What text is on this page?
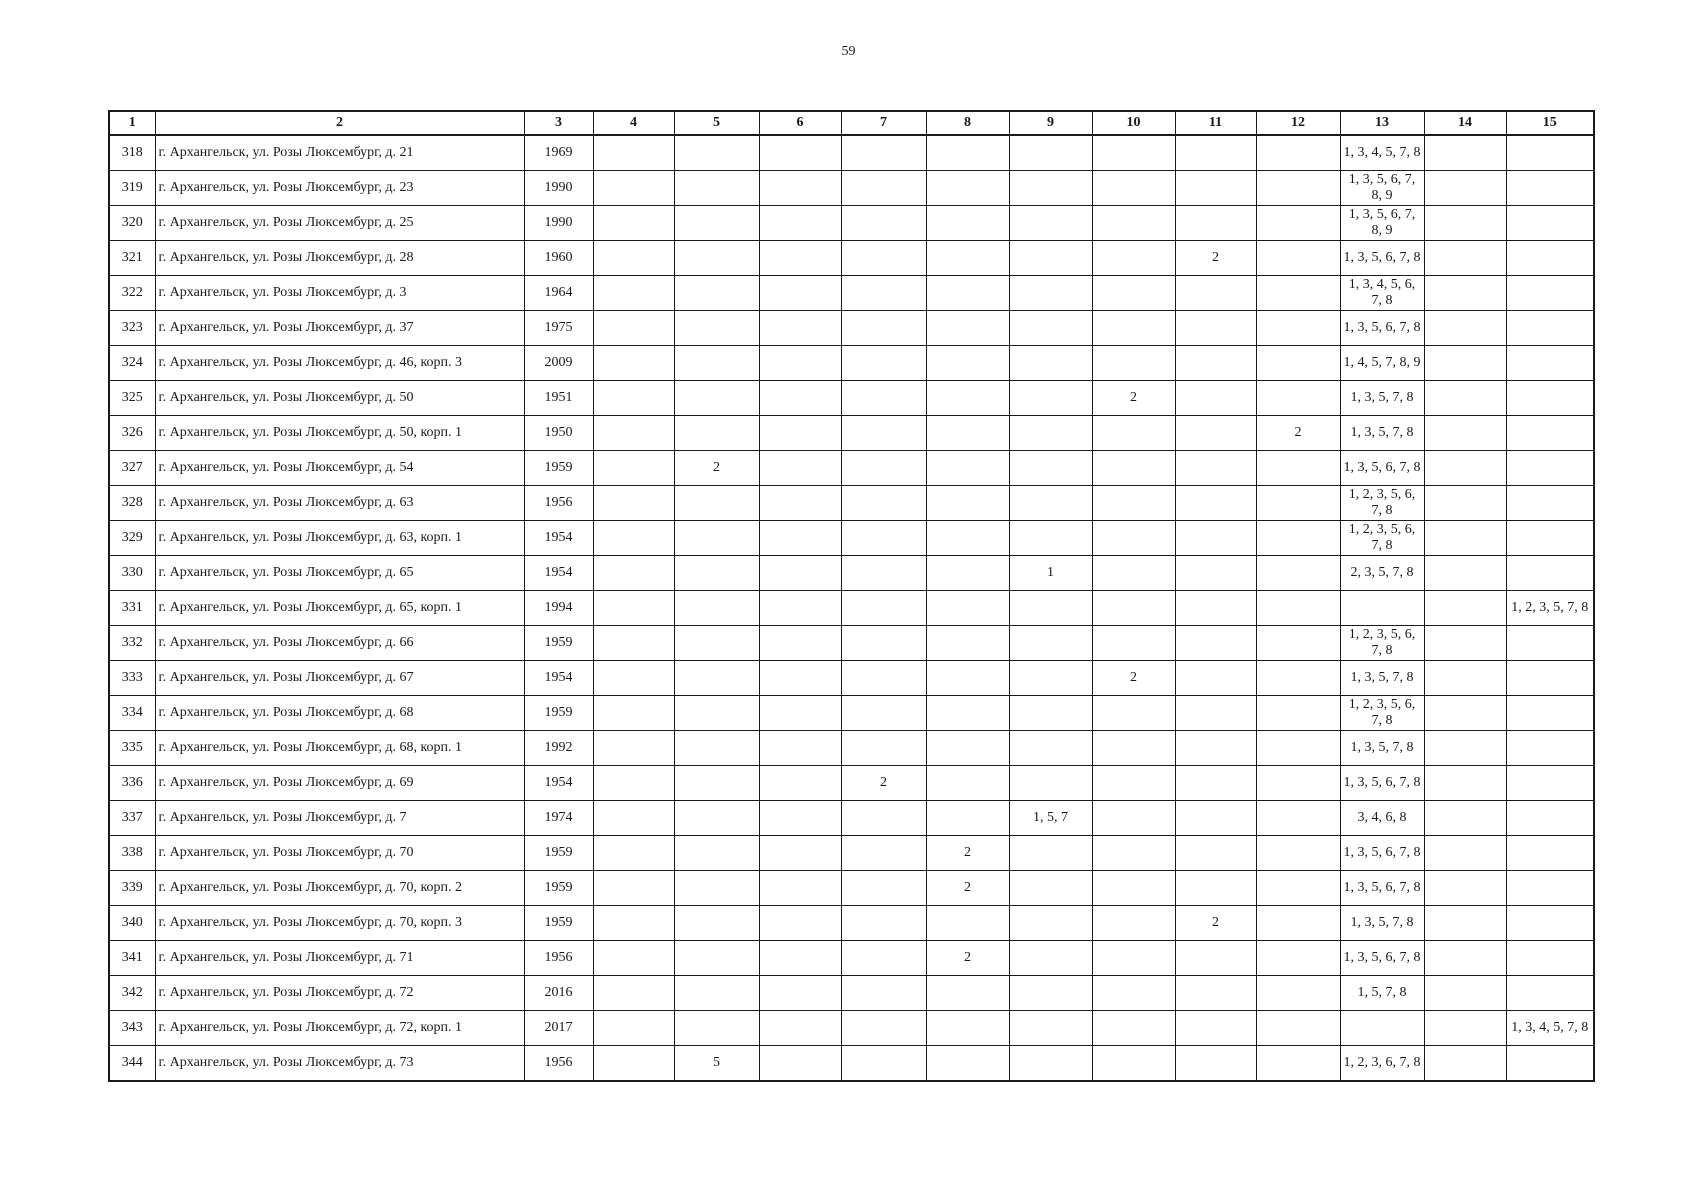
59
1	2	3	4	5	6	7	8	9	10	11	12	13	14	15
318	г. Архангельск, ул. Розы Люксембург, д. 21	1969										1, 3, 4, 5, 7, 8		
319	г. Архангельск, ул. Розы Люксембург, д. 23	1990										1, 3, 5, 6, 7, 8, 9		
320	г. Архангельск, ул. Розы Люксембург, д. 25	1990										1, 3, 5, 6, 7, 8, 9		
321	г. Архангельск, ул. Розы Люксембург, д. 28	1960								2		1, 3, 5, 6, 7, 8		
322	г. Архангельск, ул. Розы Люксембург, д. 3	1964										1, 3, 4, 5, 6, 7, 8		
323	г. Архангельск, ул. Розы Люксембург, д. 37	1975										1, 3, 5, 6, 7, 8		
324	г. Архангельск, ул. Розы Люксембург, д. 46, корп. 3	2009										1, 4, 5, 7, 8, 9		
325	г. Архангельск, ул. Розы Люксембург, д. 50	1951							2			1, 3, 5, 7, 8		
326	г. Архангельск, ул. Розы Люксембург, д. 50, корп. 1	1950									2	1, 3, 5, 7, 8		
327	г. Архангельск, ул. Розы Люксембург, д. 54	1959		2								1, 3, 5, 6, 7, 8		
328	г. Архангельск, ул. Розы Люксембург, д. 63	1956										1, 2, 3, 5, 6, 7, 8		
329	г. Архангельск, ул. Розы Люксембург, д. 63, корп. 1	1954										1, 2, 3, 5, 6, 7, 8		
330	г. Архангельск, ул. Розы Люксембург, д. 65	1954						1				2, 3, 5, 7, 8		
331	г. Архангельск, ул. Розы Люксембург, д. 65, корп. 1	1994												1, 2, 3, 5, 7, 8
332	г. Архангельск, ул. Розы Люксембург, д. 66	1959										1, 2, 3, 5, 6, 7, 8		
333	г. Архангельск, ул. Розы Люксембург, д. 67	1954							2			1, 3, 5, 7, 8		
334	г. Архангельск, ул. Розы Люксембург, д. 68	1959										1, 2, 3, 5, 6, 7, 8		
335	г. Архангельск, ул. Розы Люксембург, д. 68, корп. 1	1992										1, 3, 5, 7, 8		
336	г. Архангельск, ул. Розы Люксембург, д. 69	1954				2						1, 3, 5, 6, 7, 8		
337	г. Архангельск, ул. Розы Люксембург, д. 7	1974						1, 5, 7				3, 4, 6, 8		
338	г. Архангельск, ул. Розы Люксембург, д. 70	1959					2					1, 3, 5, 6, 7, 8		
339	г. Архангельск, ул. Розы Люксембург, д. 70, корп. 2	1959					2					1, 3, 5, 6, 7, 8		
340	г. Архангельск, ул. Розы Люксембург, д. 70, корп. 3	1959								2		1, 3, 5, 7, 8		
341	г. Архангельск, ул. Розы Люксембург, д. 71	1956					2					1, 3, 5, 6, 7, 8		
342	г. Архангельск, ул. Розы Люксембург, д. 72	2016										1, 5, 7, 8		
343	г. Архангельск, ул. Розы Люксембург, д. 72, корп. 1	2017												1, 3, 4, 5, 7, 8
344	г. Архангельск, ул. Розы Люксембург, д. 73	1956		5								1, 2, 3, 6, 7, 8		
